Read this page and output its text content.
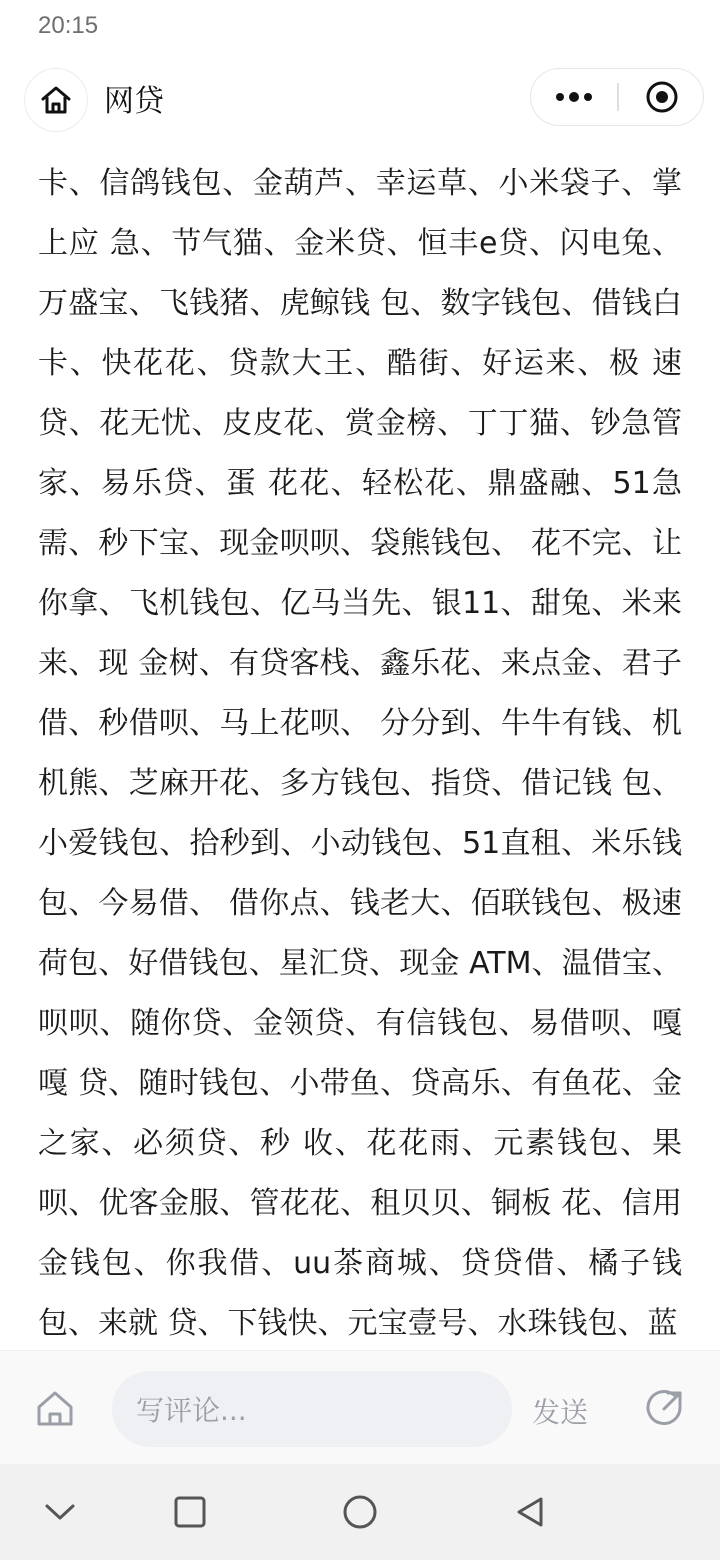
20:15
网贷

卡、信鸽钱包、金葫芦、幸运草、小米袋子、掌上应 急、节气猫、金米贷、恒丰e贷、闪电兔、万盛宝、飞钱猪、虎鲸钱 包、数字钱包、借钱白卡、快花花、贷款大王、酷街、好运来、极 速贷、花无忧、皮皮花、赏金榜、丁丁猫、钞急管家、易乐贷、蛋 花花、轻松花、鼎盛融、51急需、秒下宝、现金呗呗、袋熊钱包、 花不完、让你拿、飞机钱包、亿马当先、银11、甜兔、米来来、现 金树、有贷客栈、鑫乐花、来点金、君子借、秒借呗、马上花呗、 分分到、牛牛有钱、机机熊、芝麻开花、多方钱包、指贷、借记钱 包、小爱钱包、拾秒到、小动钱包、51直租、米乐钱包、今易借、 借你点、钱老大、佰联钱包、极速荷包、好借钱包、星汇贷、现金 ATM、温借宝、呗呗、随你贷、金领贷、有信钱包、易借呗、嘎嘎 贷、随时钱包、小带鱼、贷高乐、有鱼花、金之家、必须贷、秒 收、花花雨、元素钱包、果呗、优客金服、管花花、租贝贝、铜板 花、信用金钱包、你我借、uu茶商城、贷贷借、橘子钱包、来就 贷、下钱快、元宝壹号、水珠钱包、蓝

写评论...	发送
